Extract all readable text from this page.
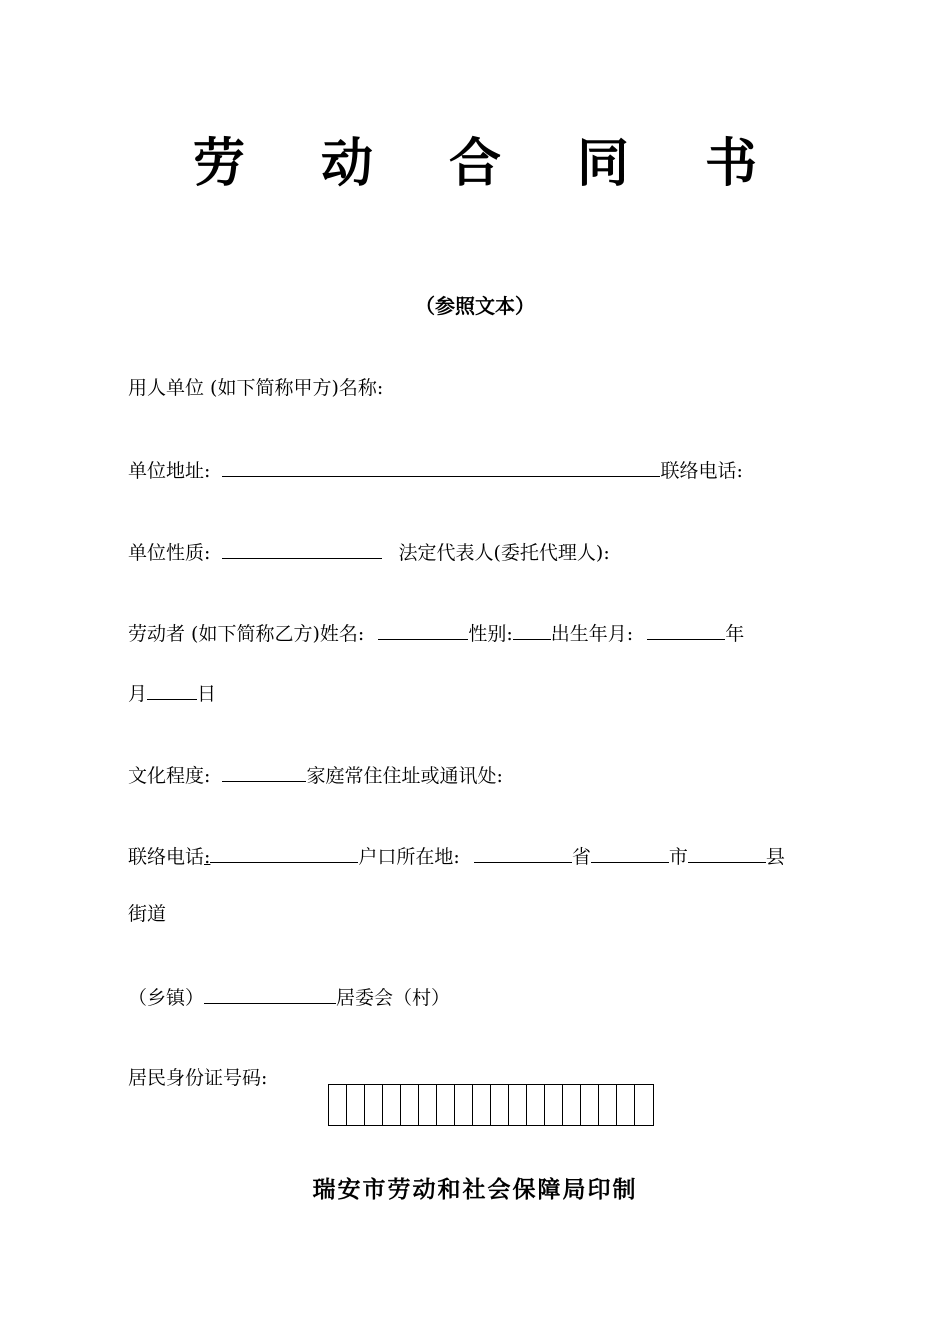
劳 动 合 同 书
（参照文本）
用人单位 (如下简称甲方)名称:
单位地址:	联络电话:
单位性质:	法定代表人(委托代理人):
劳动者 (如下简称乙方)姓名:	性别: 出生年月:	年
月	日
文化程度:	家庭常住住址或通讯处:
联络电话:	户口所在地:	省	市	县
街道
（乡镇）	居委会（村）
居民身份证号码:
瑞安市劳动和社会保障局印制
